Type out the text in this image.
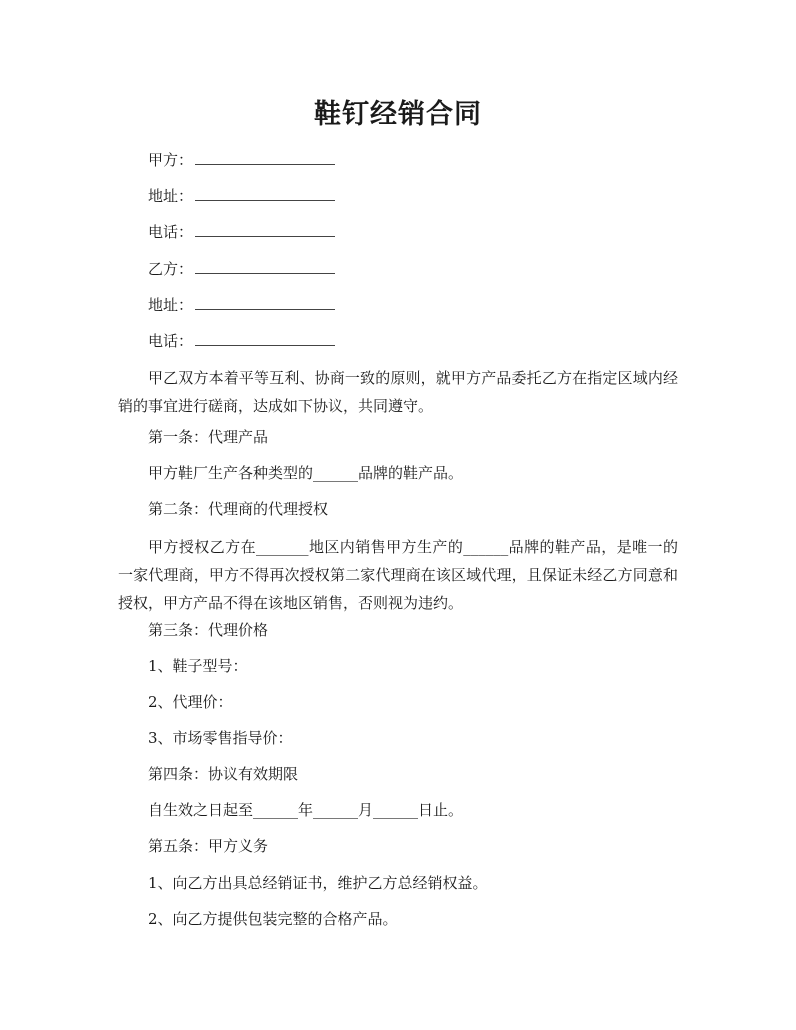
鞋钉经销合同
甲方：
地址：
电话：
乙方：
地址：
电话：
甲乙双方本着平等互利、协商一致的原则，就甲方产品委托乙方在指定区域内经销的事宜进行磋商，达成如下协议，共同遵守。
第一条：代理产品
甲方鞋厂生产各种类型的______品牌的鞋产品。
第二条：代理商的代理授权
甲方授权乙方在_______地区内销售甲方生产的______品牌的鞋产品，是唯一的一家代理商，甲方不得再次授权第二家代理商在该区域代理，且保证未经乙方同意和授权，甲方产品不得在该地区销售，否则视为违约。
第三条：代理价格
1、鞋子型号：
2、代理价：
3、市场零售指导价：
第四条：协议有效期限
自生效之日起至______年______月______日止。
第五条：甲方义务
1、向乙方出具总经销证书，维护乙方总经销权益。
2、向乙方提供包装完整的合格产品。
